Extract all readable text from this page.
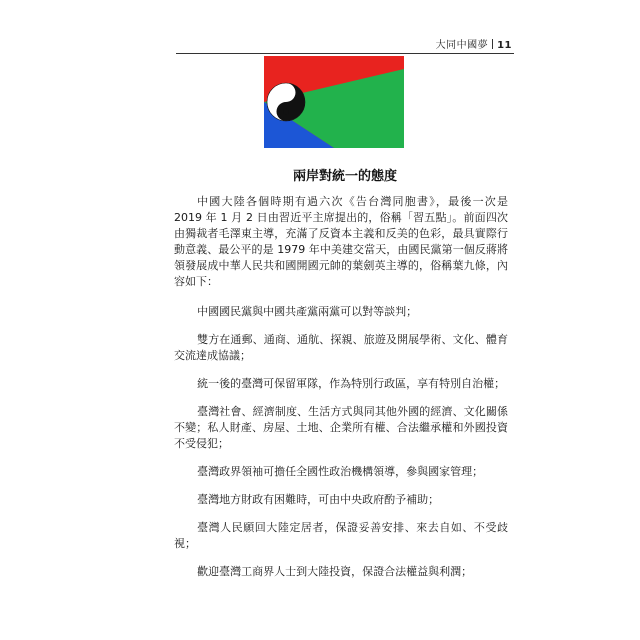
大同中國夢 11
兩岸對統一的態度

中國大陸各個時期有過六次《告台灣同胞書》，最後一次是 2019 年 1 月 2 日由習近平主席提出的，俗稱「習五點」。前面四次由獨裁者毛澤東主導，充滿了反資本主義和反美的色彩，最具實際行動意義、最公平的是 1979 年中美建交當天，由國民黨第一個反蔣將領發展成中華人民共和國開國元帥的葉劍英主導的，俗稱葉九條，內容如下：

中國國民黨與中國共產黨兩黨可以對等談判；

雙方在通郵、通商、通航、探親、旅遊及開展學術、文化、體育交流達成協議；

統一後的臺灣可保留軍隊，作為特別行政區，享有特別自治權；

臺灣社會、經濟制度、生活方式與同其他外國的經濟、文化關係不變；私人財產、房屋、土地、企業所有權、合法繼承權和外國投資不受侵犯；

臺灣政界領袖可擔任全國性政治機構領導，參與國家管理；

臺灣地方財政有困難時，可由中央政府酌予補助；

臺灣人民願回大陸定居者，保證妥善安排、來去自如、不受歧視；

歡迎臺灣工商界人士到大陸投資，保證合法權益與利潤；
